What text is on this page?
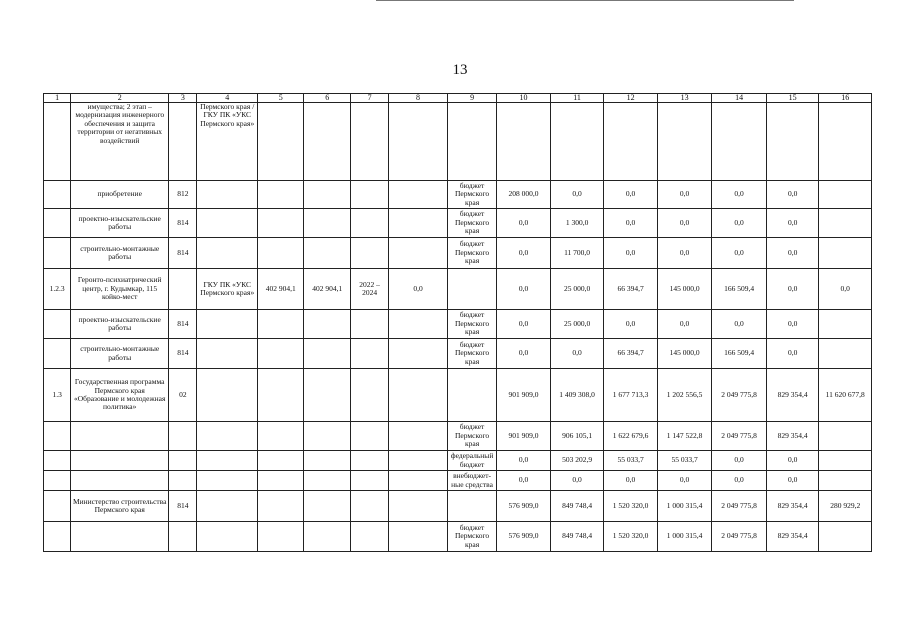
13
1	2	3	4	5	6	7	8	9	10	11	12	13	14	15	16
	имущества; 2 этап – модернизация инженерного обеспечения и защита территории от негативных воздействий		Пермского края / ГКУ ПК «УКС Пермского края»												
	приобретение	812						бюджет Пермского края	208 000,0	0,0	0,0	0,0	0,0	0,0	
	проектно-изыскательские работы	814						бюджет Пермского края	0,0	1 300,0	0,0	0,0	0,0	0,0	
	строительно-монтажные работы	814						бюджет Пермского края	0,0	11 700,0	0,0	0,0	0,0	0,0	
1.2.3	Геронто-психиатрический центр, г. Кудымкар, 115 койко-мест		ГКУ ПК «УКС Пермского края»	402 904,1	402 904,1	2022 – 2024	0,0		0,0	25 000,0	66 394,7	145 000,0	166 509,4	0,0	0,0
	проектно-изыскательские работы	814						бюджет Пермского края	0,0	25 000,0	0,0	0,0	0,0	0,0	
	строительно-монтажные работы	814						бюджет Пермского края	0,0	0,0	66 394,7	145 000,0	166 509,4	0,0	
1.3	Государственная программа Пермского края «Образование и молодежная политика»	02							901 909,0	1 409 308,0	1 677 713,3	1 202 556,5	2 049 775,8	829 354,4	11 620 677,8
								бюджет Пермского края	901 909,0	906 105,1	1 622 679,6	1 147 522,8	2 049 775,8	829 354,4	
								федеральный бюджет	0,0	503 202,9	55 033,7	55 033,7	0,0	0,0	
								внебюджет-ные средства	0,0	0,0	0,0	0,0	0,0	0,0	
	Министерство строительства Пермского края	814							576 909,0	849 748,4	1 520 320,0	1 000 315,4	2 049 775,8	829 354,4	280 929,2
								бюджет Пермского края	576 909,0	849 748,4	1 520 320,0	1 000 315,4	2 049 775,8	829 354,4	
